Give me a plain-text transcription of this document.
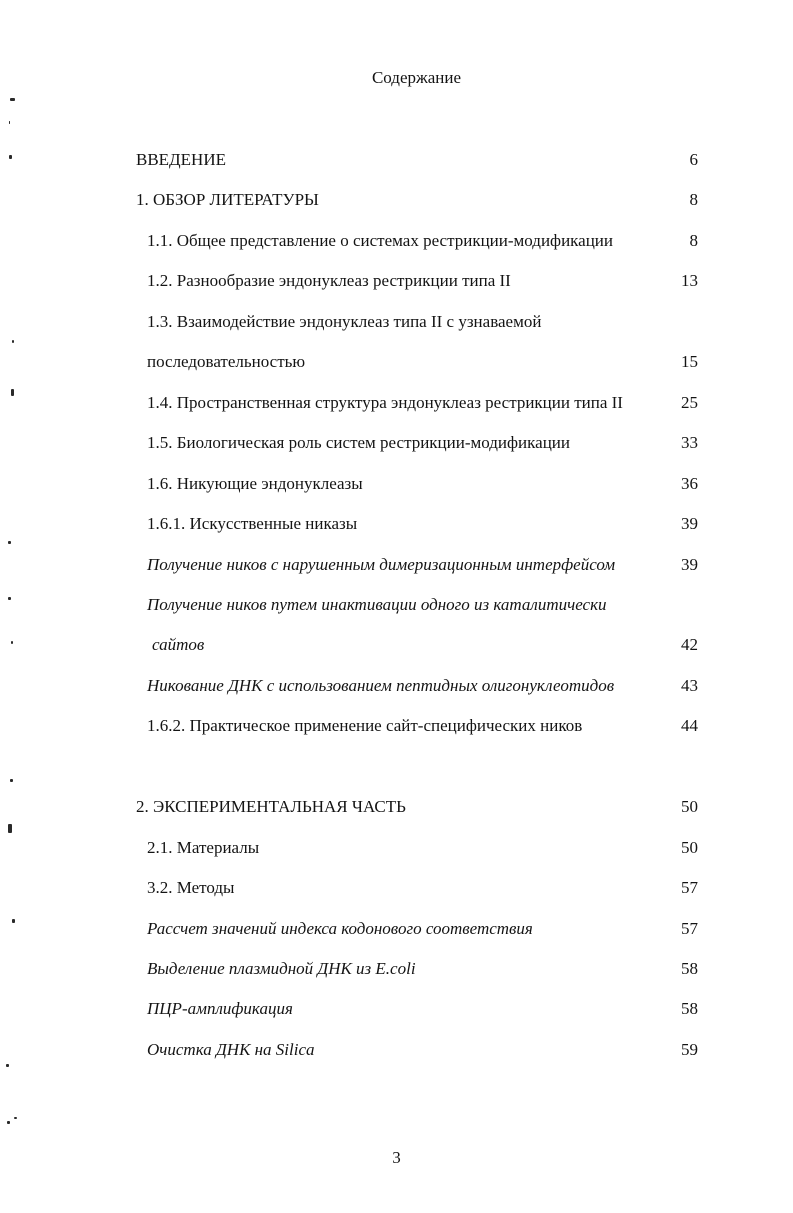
Содержание
ВВЕДЕНИЕ	6
1. ОБЗОР ЛИТЕРАТУРЫ	8
1.1. Общее представление о системах рестрикции-модификации	8
1.2. Разнообразие эндонуклеаз рестрикции типа II	13
1.3. Взаимодействие эндонуклеаз типа II с узнаваемой
последовательностью	15
1.4. Пространственная структура эндонуклеаз рестрикции типа II	25
1.5. Биологическая роль систем рестрикции-модификации	33
1.6. Никующие эндонуклеазы	36
1.6.1. Искусственные никазы	39
Получение ников с нарушенным димеризационным интерфейсом	39
Получение ников путем инактивации одного из каталитически
сайтов	42
Никование ДНК с использованием пептидных олигонуклеотидов	43
1.6.2. Практическое применение сайт-специфических ников	44
2. ЭКСПЕРИМЕНТАЛЬНАЯ ЧАСТЬ	50
2.1. Материалы	50
3.2. Методы	57
Рассчет значений индекса кодонового соответствия	57
Выделение плазмидной ДНК из E.coli	58
ПЦР-амплификация	58
Очистка ДНК на Silica	59
3
